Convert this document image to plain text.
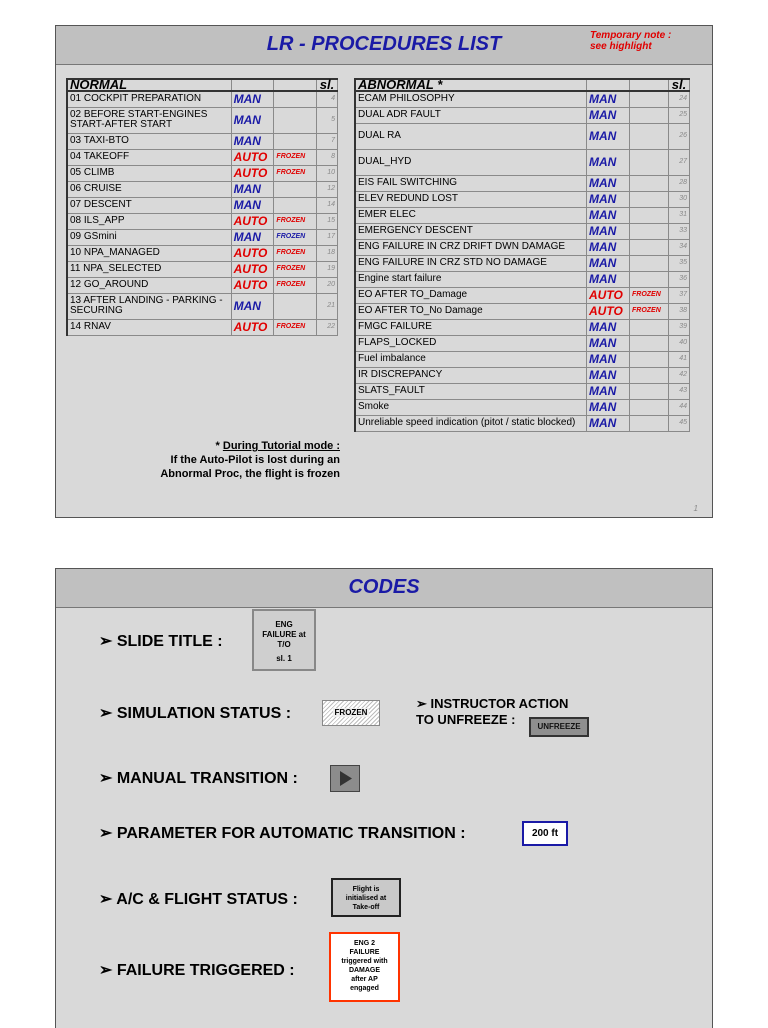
LR - PROCEDURES LIST	Temporary note : see highlight
NORMAL			sl.
01 COCKPIT PREPARATION	MAN		4
02 BEFORE START-ENGINES START-AFTER START	MAN		5
03 TAXI-BTO	MAN		7
04 TAKEOFF	AUTO	FROZEN	8
05 CLIMB	AUTO	FROZEN	10
06 CRUISE	MAN		12
07 DESCENT	MAN		14
08 ILS_APP	AUTO	FROZEN	15
09 GSmini	MAN	FROZEN	17
10 NPA_MANAGED	AUTO	FROZEN	18
11 NPA_SELECTED	AUTO	FROZEN	19
12 GO_AROUND	AUTO	FROZEN	20
13 AFTER LANDING - PARKING - SECURING	MAN		21
14 RNAV	AUTO	FROZEN	22
ABNORMAL *			sl.
ECAM PHILOSOPHY	MAN		24
DUAL ADR FAULT	MAN		25
DUAL RA	MAN		26
DUAL_HYD	MAN		27
EIS FAIL SWITCHING	MAN		28
ELEV REDUND LOST	MAN		30
EMER ELEC	MAN		31
EMERGENCY DESCENT	MAN		33
ENG FAILURE IN CRZ DRIFT DWN DAMAGE	MAN		34
ENG FAILURE IN CRZ STD NO DAMAGE	MAN		35
Engine start failure	MAN		36
EO AFTER TO_Damage	AUTO	FROZEN	37
EO AFTER TO_No Damage	AUTO	FROZEN	38
FMGC FAILURE	MAN		39
FLAPS_LOCKED	MAN		40
Fuel imbalance	MAN		41
IR DISCREPANCY	MAN		42
SLATS_FAULT	MAN		43
Smoke	MAN		44
Unreliable speed indication (pitot / static blocked)	MAN		45
* During Tutorial mode :
If the Auto-Pilot is lost during an
Abnormal Proc, the flight is frozen
1
CODES
➢ SLIDE TITLE :
ENG
FAILURE at
T/O
sl. 1
➢ SIMULATION STATUS :	FROZEN
➢ INSTRUCTOR ACTION
TO UNFREEZE :	UNFREEZE
➢ MANUAL TRANSITION :
➢ PARAMETER FOR AUTOMATIC TRANSITION :	200 ft
➢ A/C & FLIGHT STATUS :
Flight is
initialised at
Take-off
➢ FAILURE TRIGGERED :
ENG 2
FAILURE
triggered with
DAMAGE
after AP
engaged
